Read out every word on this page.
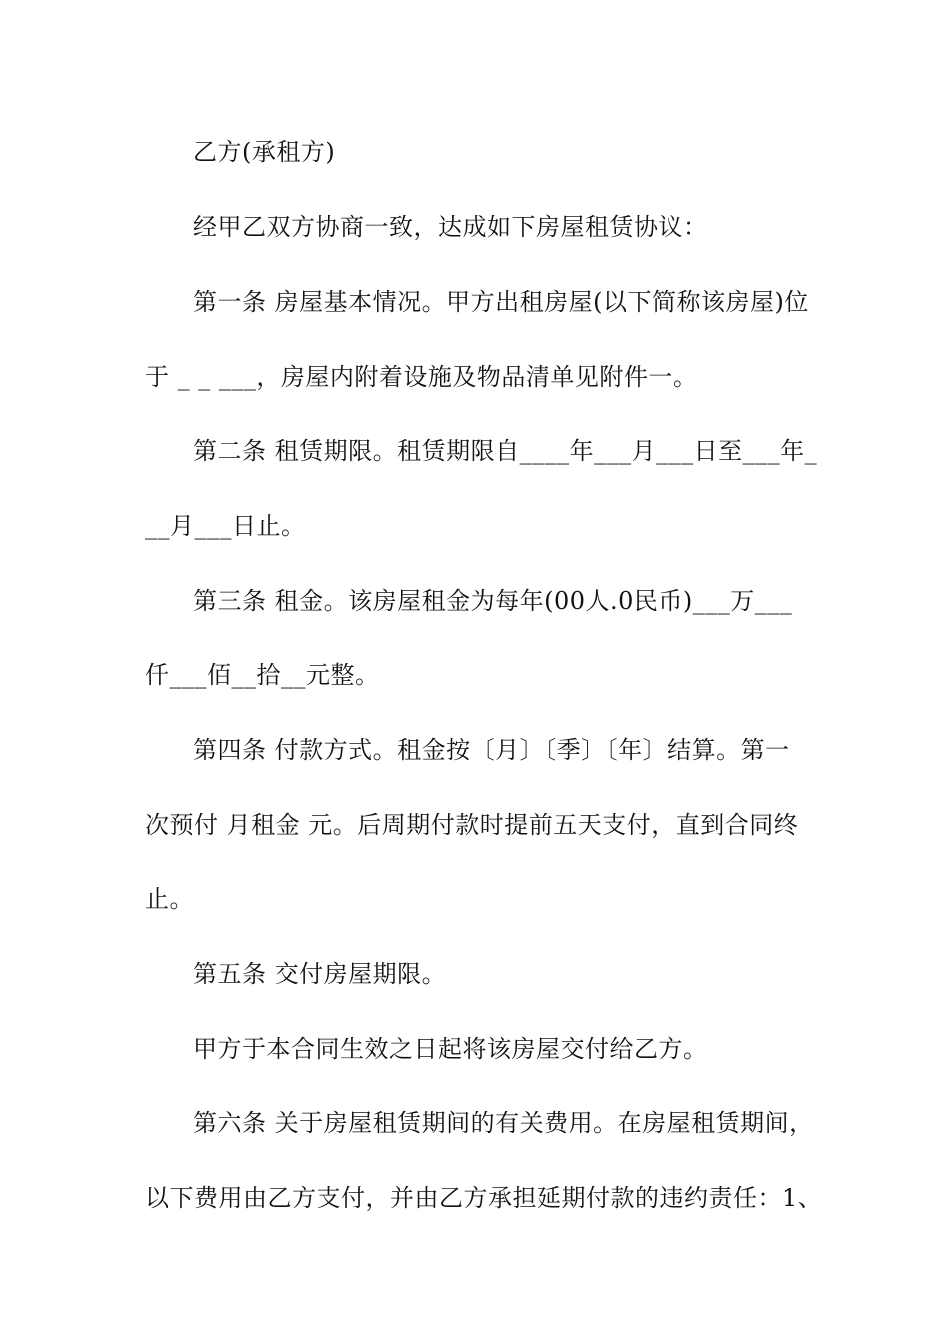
乙方(承租方)
经甲乙双方协商一致，达成如下房屋租赁协议：
第一条 房屋基本情况。甲方出租房屋(以下简称该房屋)位
于 _ _ ___，房屋内附着设施及物品清单见附件一。
第二条 租赁期限。租赁期限自____年___月___日至___年_
__月___日止。
第三条 租金。该房屋租金为每年(00人.0民币)___万___
仟___佰__拾__元整。
第四条 付款方式。租金按〔月〕〔季〕〔年〕结算。第一
次预付 月租金 元。后周期付款时提前五天支付，直到合同终
止。
第五条 交付房屋期限。
甲方于本合同生效之日起将该房屋交付给乙方。
第六条 关于房屋租赁期间的有关费用。在房屋租赁期间，
以下费用由乙方支付，并由乙方承担延期付款的违约责任：1、
